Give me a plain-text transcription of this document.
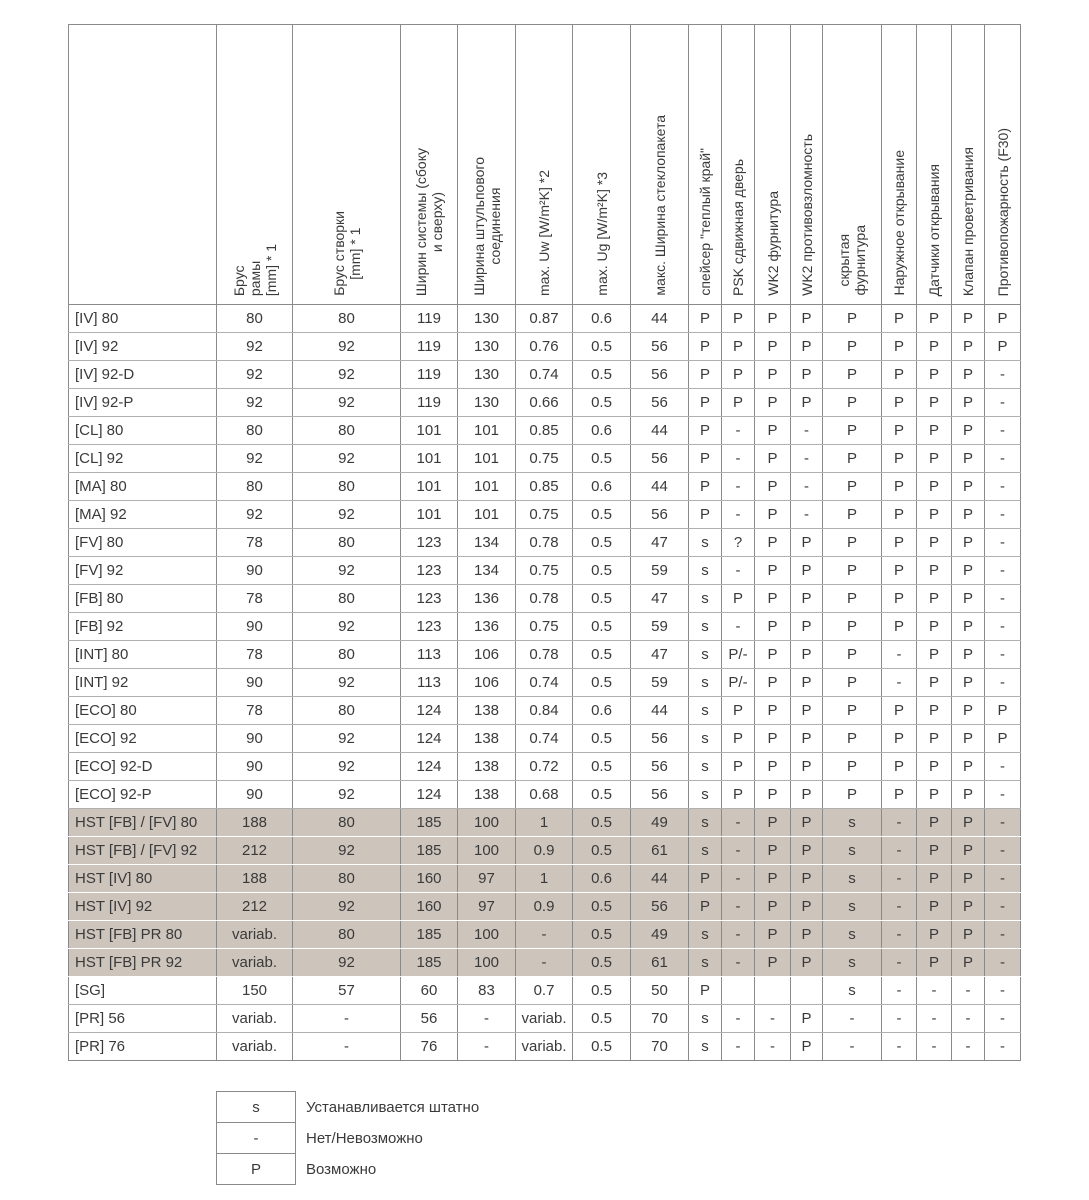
	Брус
рамы
[mm] * 1	Брус створки
[mm] * 1	Ширин системы (сбоку
и сверху)	Ширина штульпового
соединения	max. Uw [W/m²K] *2	max. Ug [W/m²K] *3	макс. Ширина стеклопакета	спейсер "теплый край"	PSK сдвижная дверь	WK2 фурнитура	WK2 противовзломность	скрытая
фурнитура	Наружное открывание	Датчики открывания	Клапан проветривания	Противопожарность (F30)
[IV] 80	80	80	119	130	0.87	0.6	44	P	P	P	P	P	P	P	P	P
[IV] 92	92	92	119	130	0.76	0.5	56	P	P	P	P	P	P	P	P	P
[IV] 92-D	92	92	119	130	0.74	0.5	56	P	P	P	P	P	P	P	P	-
[IV] 92-P	92	92	119	130	0.66	0.5	56	P	P	P	P	P	P	P	P	-
[CL] 80	80	80	101	101	0.85	0.6	44	P	-	P	-	P	P	P	P	-
[CL] 92	92	92	101	101	0.75	0.5	56	P	-	P	-	P	P	P	P	-
[MA] 80	80	80	101	101	0.85	0.6	44	P	-	P	-	P	P	P	P	-
[MA] 92	92	92	101	101	0.75	0.5	56	P	-	P	-	P	P	P	P	-
[FV] 80	78	80	123	134	0.78	0.5	47	s	?	P	P	P	P	P	P	-
[FV] 92	90	92	123	134	0.75	0.5	59	s	-	P	P	P	P	P	P	-
[FB] 80	78	80	123	136	0.78	0.5	47	s	P	P	P	P	P	P	P	-
[FB] 92	90	92	123	136	0.75	0.5	59	s	-	P	P	P	P	P	P	-
[INT] 80	78	80	113	106	0.78	0.5	47	s	P/-	P	P	P	-	P	P	-
[INT] 92	90	92	113	106	0.74	0.5	59	s	P/-	P	P	P	-	P	P	-
[ECO] 80	78	80	124	138	0.84	0.6	44	s	P	P	P	P	P	P	P	P
[ECO] 92	90	92	124	138	0.74	0.5	56	s	P	P	P	P	P	P	P	P
[ECO] 92-D	90	92	124	138	0.72	0.5	56	s	P	P	P	P	P	P	P	-
[ECO] 92-P	90	92	124	138	0.68	0.5	56	s	P	P	P	P	P	P	P	-
HST [FB] / [FV] 80	188	80	185	100	1	0.5	49	s	-	P	P	s	-	P	P	-
HST [FB] / [FV] 92	212	92	185	100	0.9	0.5	61	s	-	P	P	s	-	P	P	-
HST [IV] 80	188	80	160	97	1	0.6	44	P	-	P	P	s	-	P	P	-
HST [IV] 92	212	92	160	97	0.9	0.5	56	P	-	P	P	s	-	P	P	-
HST [FB] PR 80	variab.	80	185	100	-	0.5	49	s	-	P	P	s	-	P	P	-
HST [FB] PR 92	variab.	92	185	100	-	0.5	61	s	-	P	P	s	-	P	P	-
[SG]	150	57	60	83	0.7	0.5	50	P				s	-	-	-	-
[PR] 56	variab.	-	56	-	variab.	0.5	70	s	-	-	P	-	-	-	-	-
[PR] 76	variab.	-	76	-	variab.	0.5	70	s	-	-	P	-	-	-	-	-
s	Устанавливается штатно
-	Нет/Невозможно
P	Возможно
